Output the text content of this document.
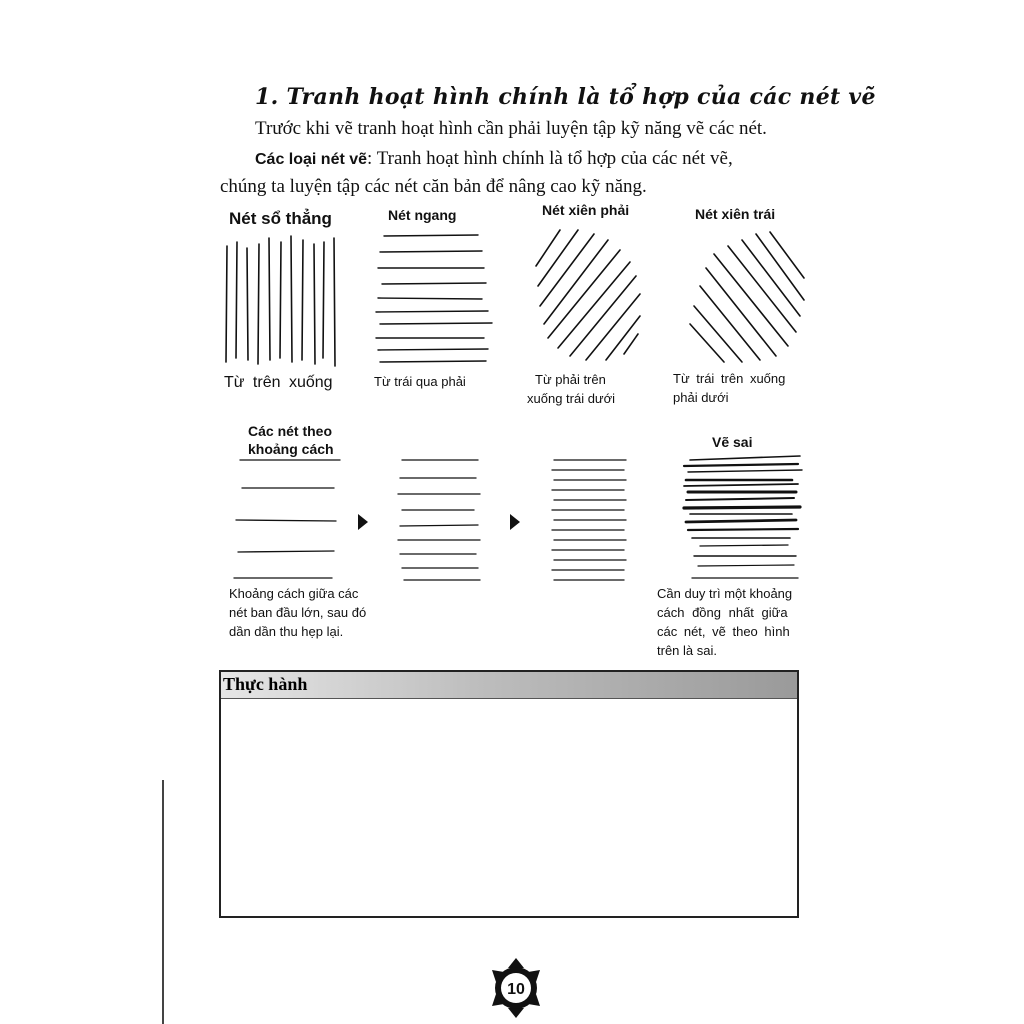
1. Tranh hoạt hình chính là tổ hợp của các nét vẽ
Trước khi vẽ tranh hoạt hình cần phải luyện tập kỹ năng vẽ các nét.
Các loại nét vẽ: Tranh hoạt hình chính là tổ hợp của các nét vẽ,
chúng ta luyện tập các nét căn bản để nâng cao kỹ năng.
Nét sổ thẳng	Nét ngang	Nét xiên phải	Nét xiên trái
Từ trên xuống	Từ trái qua phải	Từ phải trên
xuống trái dưới
Từ trái trên xuống
phải dưới
Các nét theo
khoảng cách	Vẽ sai
Khoảng cách giữa các
nét ban đầu lớn, sau đó
dần dần thu hẹp lại.
Cần duy trì một khoảng
cách đồng nhất giữa
các nét, vẽ theo hình
trên là sai.
Thực hành
10
